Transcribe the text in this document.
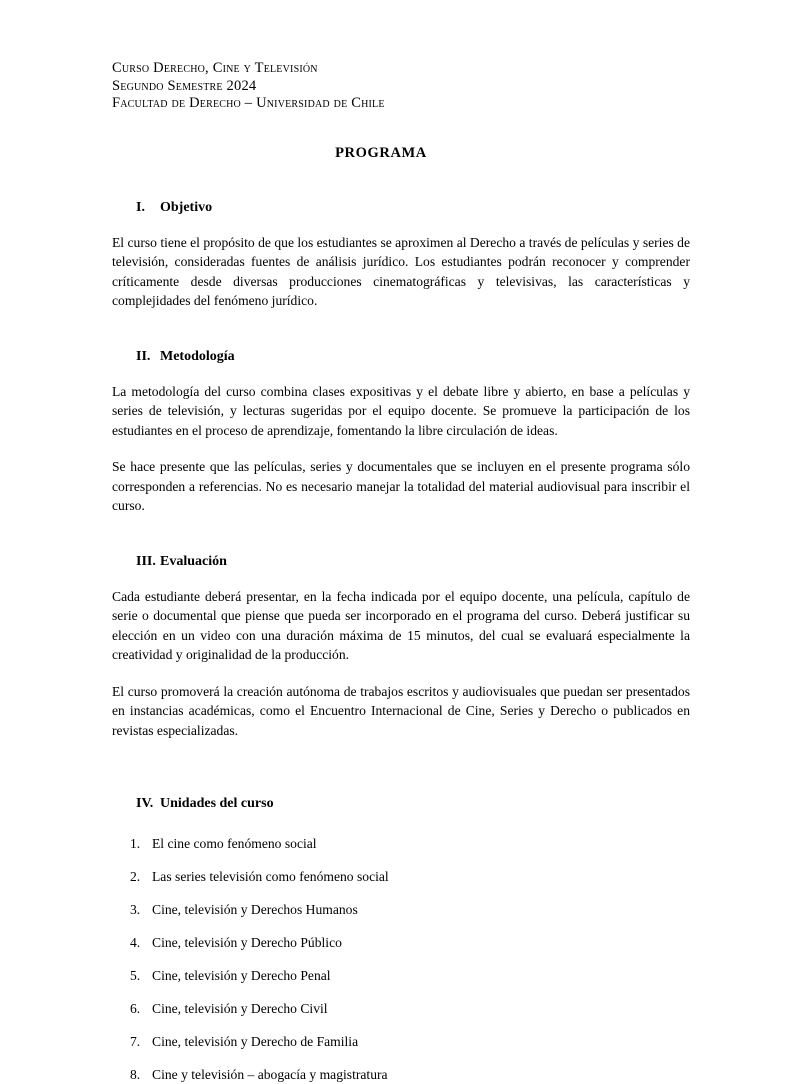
Curso Derecho, Cine y Televisión
Segundo Semestre 2024
Facultad de Derecho – Universidad de Chile
PROGRAMA
I.	Objetivo

El curso tiene el propósito de que los estudiantes se aproximen al Derecho a través de películas y series de televisión, consideradas fuentes de análisis jurídico. Los estudiantes podrán reconocer y comprender críticamente desde diversas producciones cinematográficas y televisivas, las características y complejidades del fenómeno jurídico.

II. Metodología

La metodología del curso combina clases expositivas y el debate libre y abierto, en base a películas y series de televisión, y lecturas sugeridas por el equipo docente. Se promueve la participación de los estudiantes en el proceso de aprendizaje, fomentando la libre circulación de ideas.

Se hace presente que las películas, series y documentales que se incluyen en el presente programa sólo corresponden a referencias. No es necesario manejar la totalidad del material audiovisual para inscribir el curso.

III. Evaluación

Cada estudiante deberá presentar, en la fecha indicada por el equipo docente, una película, capítulo de serie o documental que piense que pueda ser incorporado en el programa del curso. Deberá justificar su elección en un video con una duración máxima de 15 minutos, del cual se evaluará especialmente la creatividad y originalidad de la producción.

El curso promoverá la creación autónoma de trabajos escritos y audiovisuales que puedan ser presentados en instancias académicas, como el Encuentro Internacional de Cine, Series y Derecho o publicados en revistas especializadas.

IV. Unidades del curso
1. El cine como fenómeno social
2. Las series televisión como fenómeno social
3. Cine, televisión y Derechos Humanos
4. Cine, televisión y Derecho Público
5. Cine, televisión y Derecho Penal
6. Cine, televisión y Derecho Civil
7. Cine, televisión y Derecho de Familia
8. Cine y televisión – abogacía y magistratura
